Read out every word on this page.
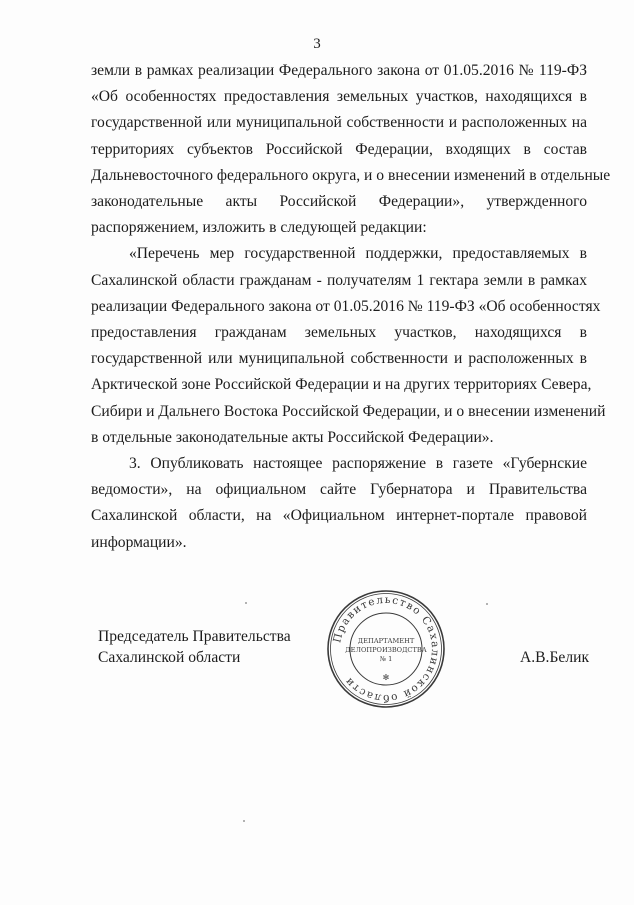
3

земли в рамках реализации Федерального закона от 01.05.2016 № 119-ФЗ
«Об особенностях предоставления земельных участков, находящихся в
государственной или муниципальной собственности и расположенных на
территориях субъектов Российской Федерации, входящих в состав
Дальневосточного федерального округа, и о внесении изменений в отдельные
законодательные акты Российской Федерации», утвержденного
распоряжением, изложить в следующей редакции:

«Перечень мер государственной поддержки, предоставляемых в
Сахалинской области гражданам - получателям 1 гектара земли в рамках
реализации Федерального закона от 01.05.2016 № 119-ФЗ «Об особенностях
предоставления гражданам земельных участков, находящихся в
государственной или муниципальной собственности и расположенных в
Арктической зоне Российской Федерации и на других территориях Севера,
Сибири и Дальнего Востока Российской Федерации, и о внесении изменений
в отдельные законодательные акты Российской Федерации».

3. Опубликовать настоящее распоряжение в газете «Губернские
ведомости», на официальном сайте Губернатора и Правительства
Сахалинской области, на «Официальном интернет-портале правовой
информации».

Председатель Правительства
Сахалинской области	А.В.Белик
Правительство Сахалинской области	✻
ДЕПАРТАМЕНТ
ДЕЛОПРОИЗВОДСТВА
№ 1
